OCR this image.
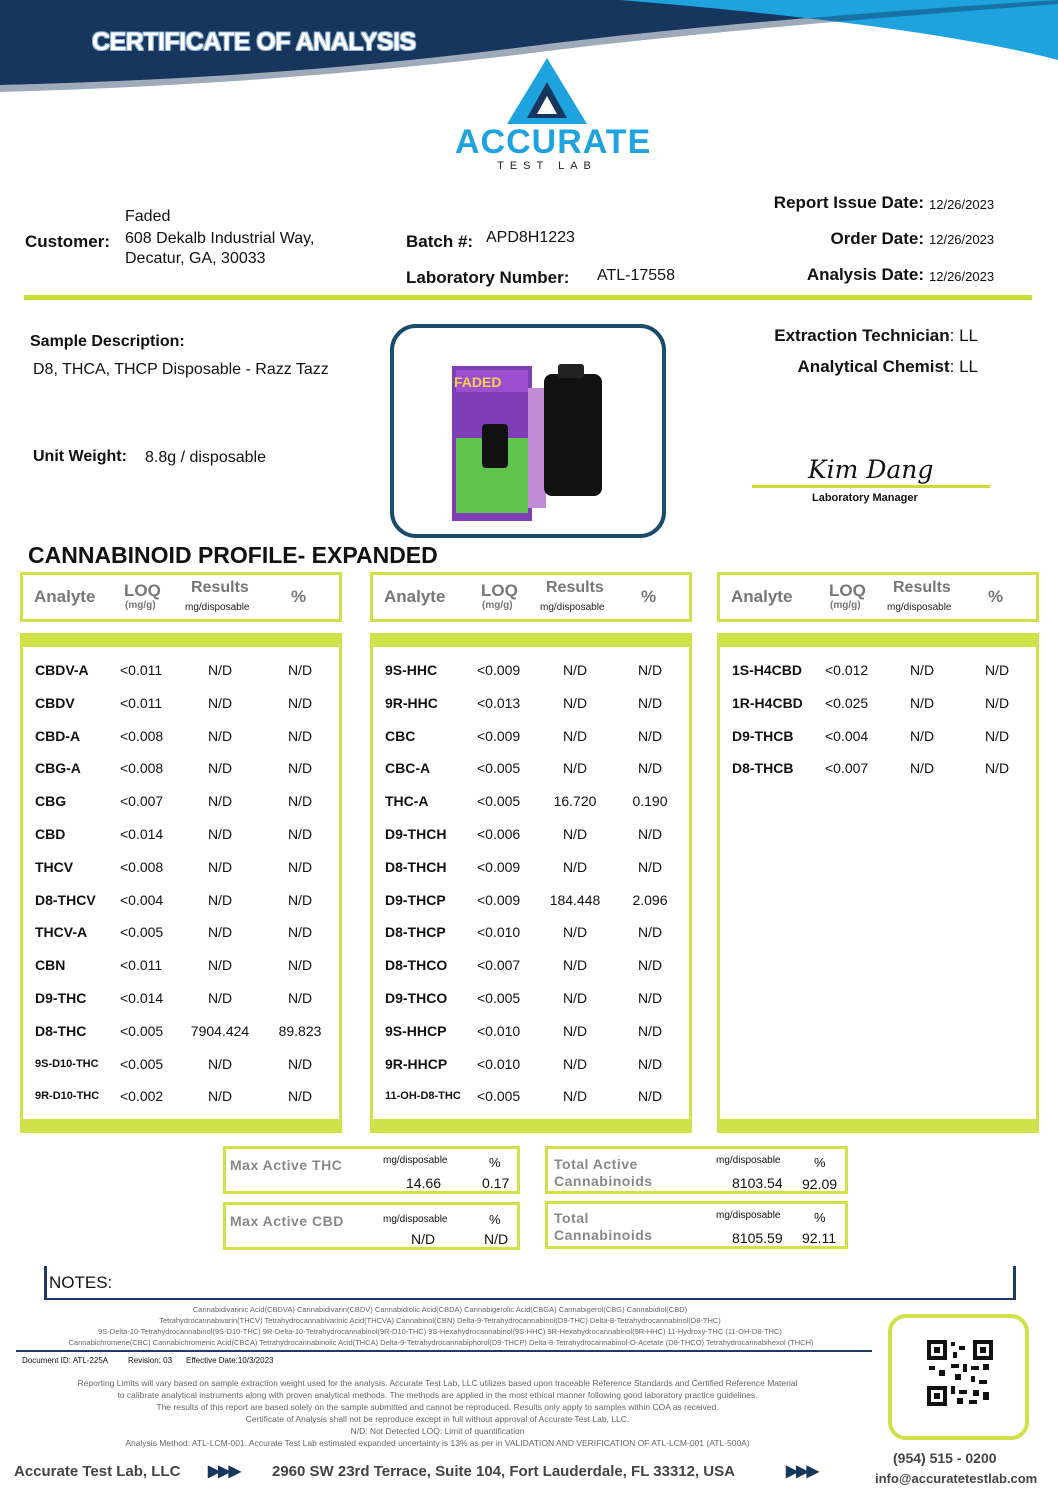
CERTIFICATE OF ANALYSIS
ACCURATE
TEST LAB
Customer:
Faded
608 Dekalb Industrial Way,
Decatur, GA, 30033
Batch #: APD8H1223
Laboratory Number: ATL-17558
Report Issue Date: 12/26/2023
Order Date: 12/26/2023
Analysis Date: 12/26/2023
Sample Description:
D8, THCA, THCP Disposable - Razz Tazz
Unit Weight: 8.8g / disposable
FADED
Extraction Technician: LL
Analytical Chemist: LL
Kim Dang
Laboratory Manager
CANNABINOID PROFILE- EXPANDED
Analyte LOQ
(mg/g)
Results
mg/disposable
%
CBDV-A <0.011	N/D	N/D
CBDV	<0.011	N/D	N/D
CBD-A	<0.008	N/D	N/D
CBG-A	<0.008	N/D	N/D
CBG	<0.007	N/D	N/D
CBD	<0.014	N/D	N/D
THCV	<0.008	N/D	N/D
D8-THCV <0.004	N/D	N/D
THCV-A <0.005	N/D	N/D
CBN	<0.011	N/D	N/D
D9-THC <0.014	N/D	N/D
D8-THC <0.005	7904.424	89.823
9S-D10-THC <0.005	N/D	N/D
9R-D10-THC <0.002	N/D	N/D
Analyte LOQ
(mg/g)
Results
mg/disposable
%
9S-HHC	<0.009	N/D	N/D
9R-HHC	<0.013	N/D	N/D
CBC	<0.009	N/D	N/D
CBC-A	<0.005	N/D	N/D
THC-A	<0.005	16.720	0.190
D9-THCH <0.006	N/D	N/D
D8-THCH <0.009	N/D	N/D
D9-THCP <0.009	184.448	2.096
D8-THCP <0.010	N/D	N/D
D8-THCO <0.007	N/D	N/D
D9-THCO <0.005	N/D	N/D
9S-HHCP <0.010	N/D	N/D
9R-HHCP <0.010	N/D	N/D
11-OH-D8-THC <0.005	N/D	N/D
Analyte LOQ
(mg/g)
Results
mg/disposable
%
1S-H4CBD <0.012	N/D	N/D
1R-H4CBD <0.025	N/D	N/D
D9-THCB <0.004	N/D	N/D
D8-THCB <0.007	N/D	N/D
Max Active THC	mg/disposable	%
14.66	0.17
Max Active CBD	mg/disposable	%
N/D	N/D
Total Active
Cannabinoids
mg/disposable	%
8103.54 92.09
Total
Cannabinoids
mg/disposable	%
8105.59 92.11
NOTES:
Cannabidivarinic Acid(CBDVA) Cannabidivarin(CBDV) Cannabidiolic Acid(CBDA) Cannabigerolic Acid(CBGA) Cannabigerol(CBG) Cannabidiol(CBD)
Tetrahydrocannabivarin(THCV) Tetrahydrocannabivarinic Acid(THCVA) Cannabinol(CBN) Delta-9-Tetrahydrocannabinol(D9-THC) Delta-8-Tetrahydrocannabinol(D8-THC)
9S-Delta-10-Tetrahydrocannabinol(9S-D10-THC) 9R-Delta-10-Tetrahydrocannabinol(9R-D10-THC) 9S-Hexahydrocannabinol(9S-HHC) 9R-Hexahydrocannabinol(9R-HHC) 11-Hydroxy-THC (11-OH-D8-THC)
Cannabichromene(CBC) Cannabichromenic Acid(CBCA) Tetrahydrocannabinolic Acid(THCA) Delta-9-Tetrahydrocannabiphorol(D9-THCP) Delta-8-Tetrahydrocannabinol-O-Acetate (D8-THCO) Tetrahydrocannabihexol (THCH)
Document ID: ATL-225A Revision: 03 Effective Date:10/3/2023
Reporting Limits will vary based on sample extraction weight used for the analysis. Accurate Test Lab, LLC utilizes based upon traceable Reference Standards and Certified Reference Material
to calibrate analytical instruments along with proven analytical methods. The methods are applied in the most ethical manner following good laboratory practice guidelines.
The results of this report are based solely on the sample submitted and cannot be reproduced. Results only apply to samples within COA as received.
Certificate of Analysis shall not be reproduce except in full without approval of Accurate Test Lab, LLC.
N/D: Not Detected LOQ: Limit of quantification
Analysis Method: ATL-LCM-001. Accurate Test Lab estimated expanded uncertainty is 13% as per in VALIDATION AND VERIFICATION OF ATL-LCM-001 (ATL-500A)
Accurate Test Lab, LLC ▶▶▶ 2960 SW 23rd Terrace, Suite 104, Fort Lauderdale, FL 33312, USA	▶▶▶
(954) 515 - 0200
info@accuratetestlab.com
